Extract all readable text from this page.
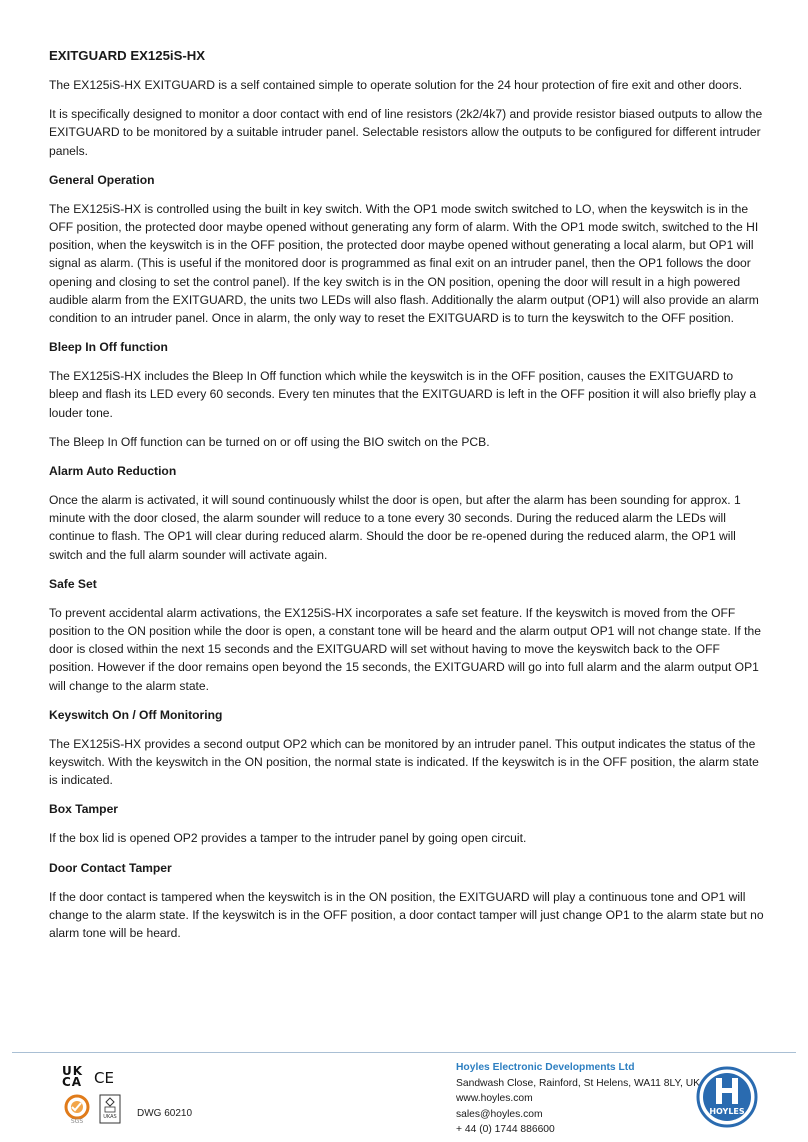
EXITGUARD EX125iS-HX

The EX125iS-HX EXITGUARD is a self contained simple to operate solution for the 24 hour protection of fire exit and other doors.

It is specifically designed to monitor a door contact with end of line resistors (2k2/4k7) and provide resistor biased outputs to allow the EXITGUARD to be monitored by a suitable intruder panel. Selectable resistors allow the outputs to be configured for different intruder panels.

General Operation

The EX125iS-HX is controlled using the built in key switch. With the OP1 mode switch switched to LO, when the keyswitch is in the OFF position, the protected door maybe opened without generating any form of alarm. With the OP1 mode switch, switched to the HI position, when the keyswitch is in the OFF position, the protected door maybe opened without generating a local alarm, but OP1 will signal as alarm. (This is useful if the monitored door is programmed as final exit on an intruder panel, then the OP1 follows the door opening and closing to set the control panel). If the key switch is in the ON position, opening the door will result in a high powered audible alarm from the EXITGUARD, the units two LEDs will also flash. Additionally the alarm output (OP1) will also provide an alarm condition to an intruder panel. Once in alarm, the only way to reset the EXITGUARD is to turn the keyswitch to the OFF position.

Bleep In Off function

The EX125iS-HX includes the Bleep In Off function which while the keyswitch is in the OFF position, causes the EXITGUARD to bleep and flash its LED every 60 seconds. Every ten minutes that the EXITGUARD is left in the OFF position it will also briefly play a louder tone.

The Bleep In Off function can be turned on or off using the BIO switch on the PCB.

Alarm Auto Reduction

Once the alarm is activated, it will sound continuously whilst the door is open, but after the alarm has been sounding for approx. 1 minute with the door closed, the alarm sounder will reduce to a tone every 30 seconds. During the reduced alarm the LEDs will continue to flash. The OP1 will clear during reduced alarm. Should the door be re-opened during the reduced alarm, the OP1 will switch and the full alarm sounder will activate again.

Safe Set

To prevent accidental alarm activations, the EX125iS-HX incorporates a safe set feature. If the keyswitch is moved from the OFF position to the ON position while the door is open, a constant tone will be heard and the alarm output OP1 will not change state. If the door is closed within the next 15 seconds and the EXITGUARD will set without having to move the keyswitch back to the OFF position. However if the door remains open beyond the 15 seconds, the EXITGUARD will go into full alarm and the alarm output OP1 will change to the alarm state.

Keyswitch On / Off Monitoring

The EX125iS-HX provides a second output OP2 which can be monitored by an intruder panel. This output indicates the status of the keyswitch. With the keyswitch in the ON position, the normal state is indicated. If the keyswitch is in the OFF position, the alarm state is indicated.

Box Tamper

If the box lid is opened OP2 provides a tamper to the intruder panel by going open circuit.

Door Contact Tamper

If the door contact is tampered when the keyswitch is in the ON position, the EXITGUARD will play a continuous tone and OP1 will change to the alarm state. If the keyswitch is in the OFF position, a door contact tamper will just change OP1 to the alarm state but no alarm tone will be heard.

UK
CA CE
SGS
UKAS DWG 60210
Hoyles Electronic Developments Ltd
Sandwash Close, Rainford, St Helens, WA11 8LY, UK
www.hoyles.com
sales@hoyles.com
+ 44 (0) 1744 886600
HOYLES
